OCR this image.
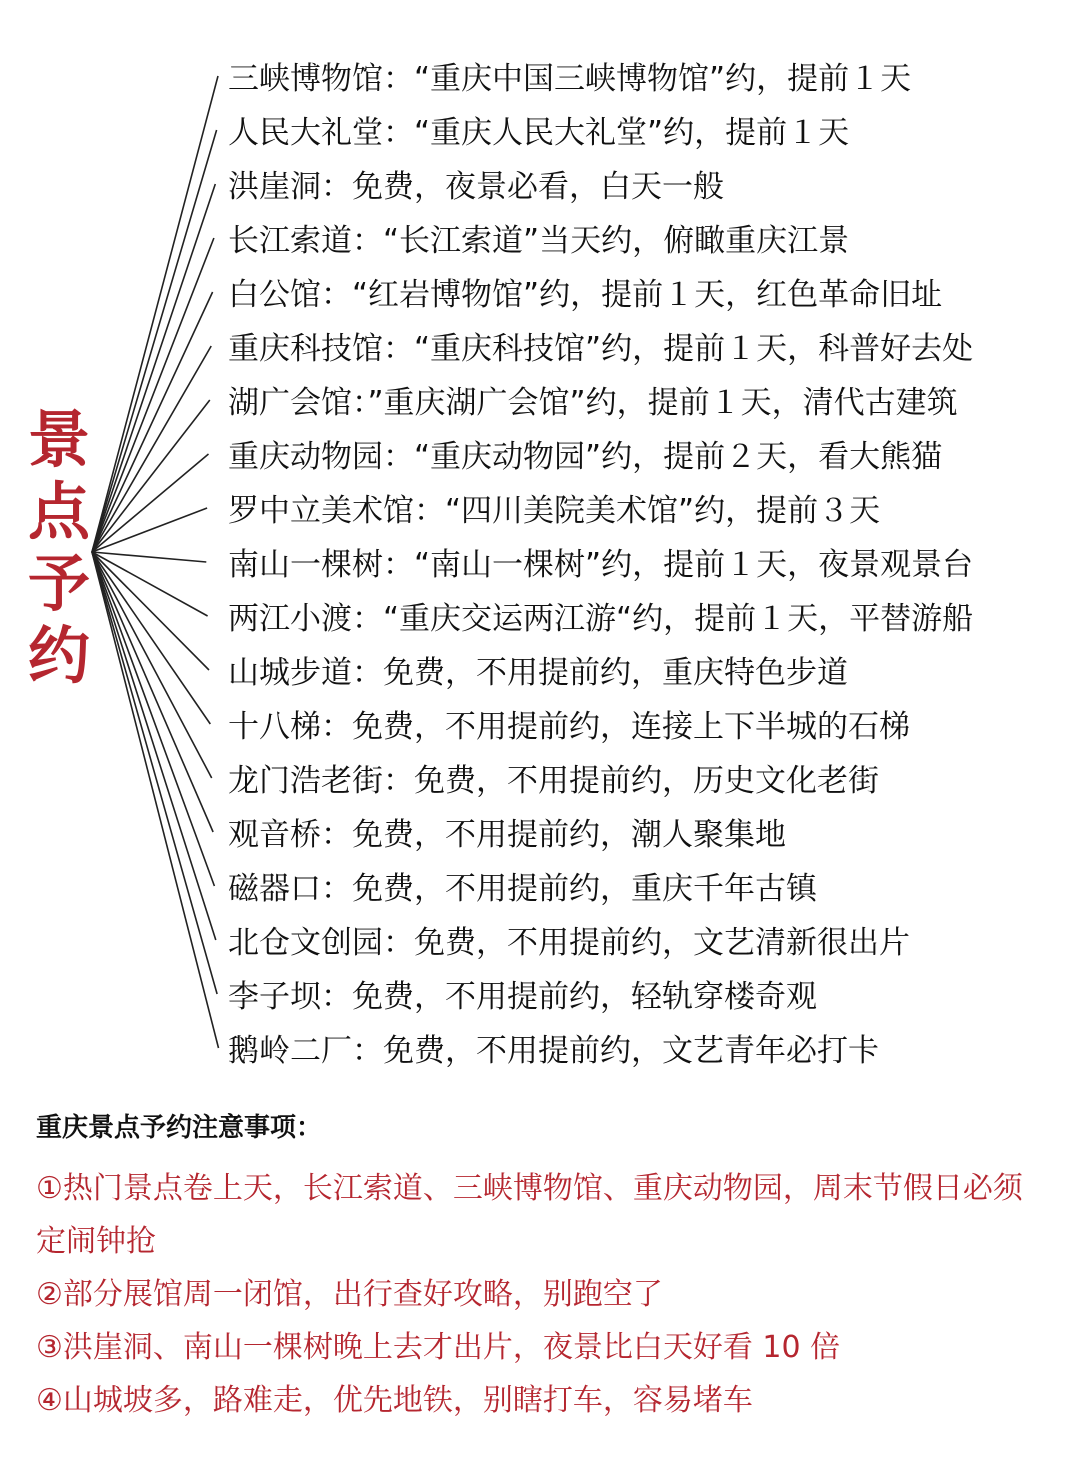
景
点
予
约
三峡博物馆：“重庆中国三峡博物馆”约，提前１天
人民大礼堂：“重庆人民大礼堂”约，提前１天
洪崖洞：免费，夜景必看，白天一般
长江索道：“长江索道”当天约，俯瞰重庆江景
白公馆：“红岩博物馆”约，提前１天，红色革命旧址
重庆科技馆：“重庆科技馆”约，提前１天，科普好去处
湖广会馆：”重庆湖广会馆”约，提前１天，清代古建筑
重庆动物园：“重庆动物园”约，提前２天，看大熊猫
罗中立美术馆：“四川美院美术馆”约，提前３天
南山一棵树：“南山一棵树”约，提前１天，夜景观景台
两江小渡：“重庆交运两江游“约，提前１天，平替游船
山城步道：免费，不用提前约，重庆特色步道
十八梯：免费，不用提前约，连接上下半城的石梯
龙门浩老街：免费，不用提前约，历史文化老街
观音桥：免费，不用提前约，潮人聚集地
磁器口：免费，不用提前约，重庆千年古镇
北仓文创园：免费，不用提前约，文艺清新很出片
李子坝：免费，不用提前约，轻轨穿楼奇观
鹅岭二厂：免费，不用提前约，文艺青年必打卡
重庆景点予约注意事项：
①热门景点卷上天，长江索道、三峡博物馆、重庆动物园，周末节假日必须定闹钟抢
②部分展馆周一闭馆，出行查好攻略，别跑空了
③洪崖洞、南山一棵树晚上去才出片，夜景比白天好看 10 倍
④山城坡多，路难走，优先地铁，别瞎打车，容易堵车
